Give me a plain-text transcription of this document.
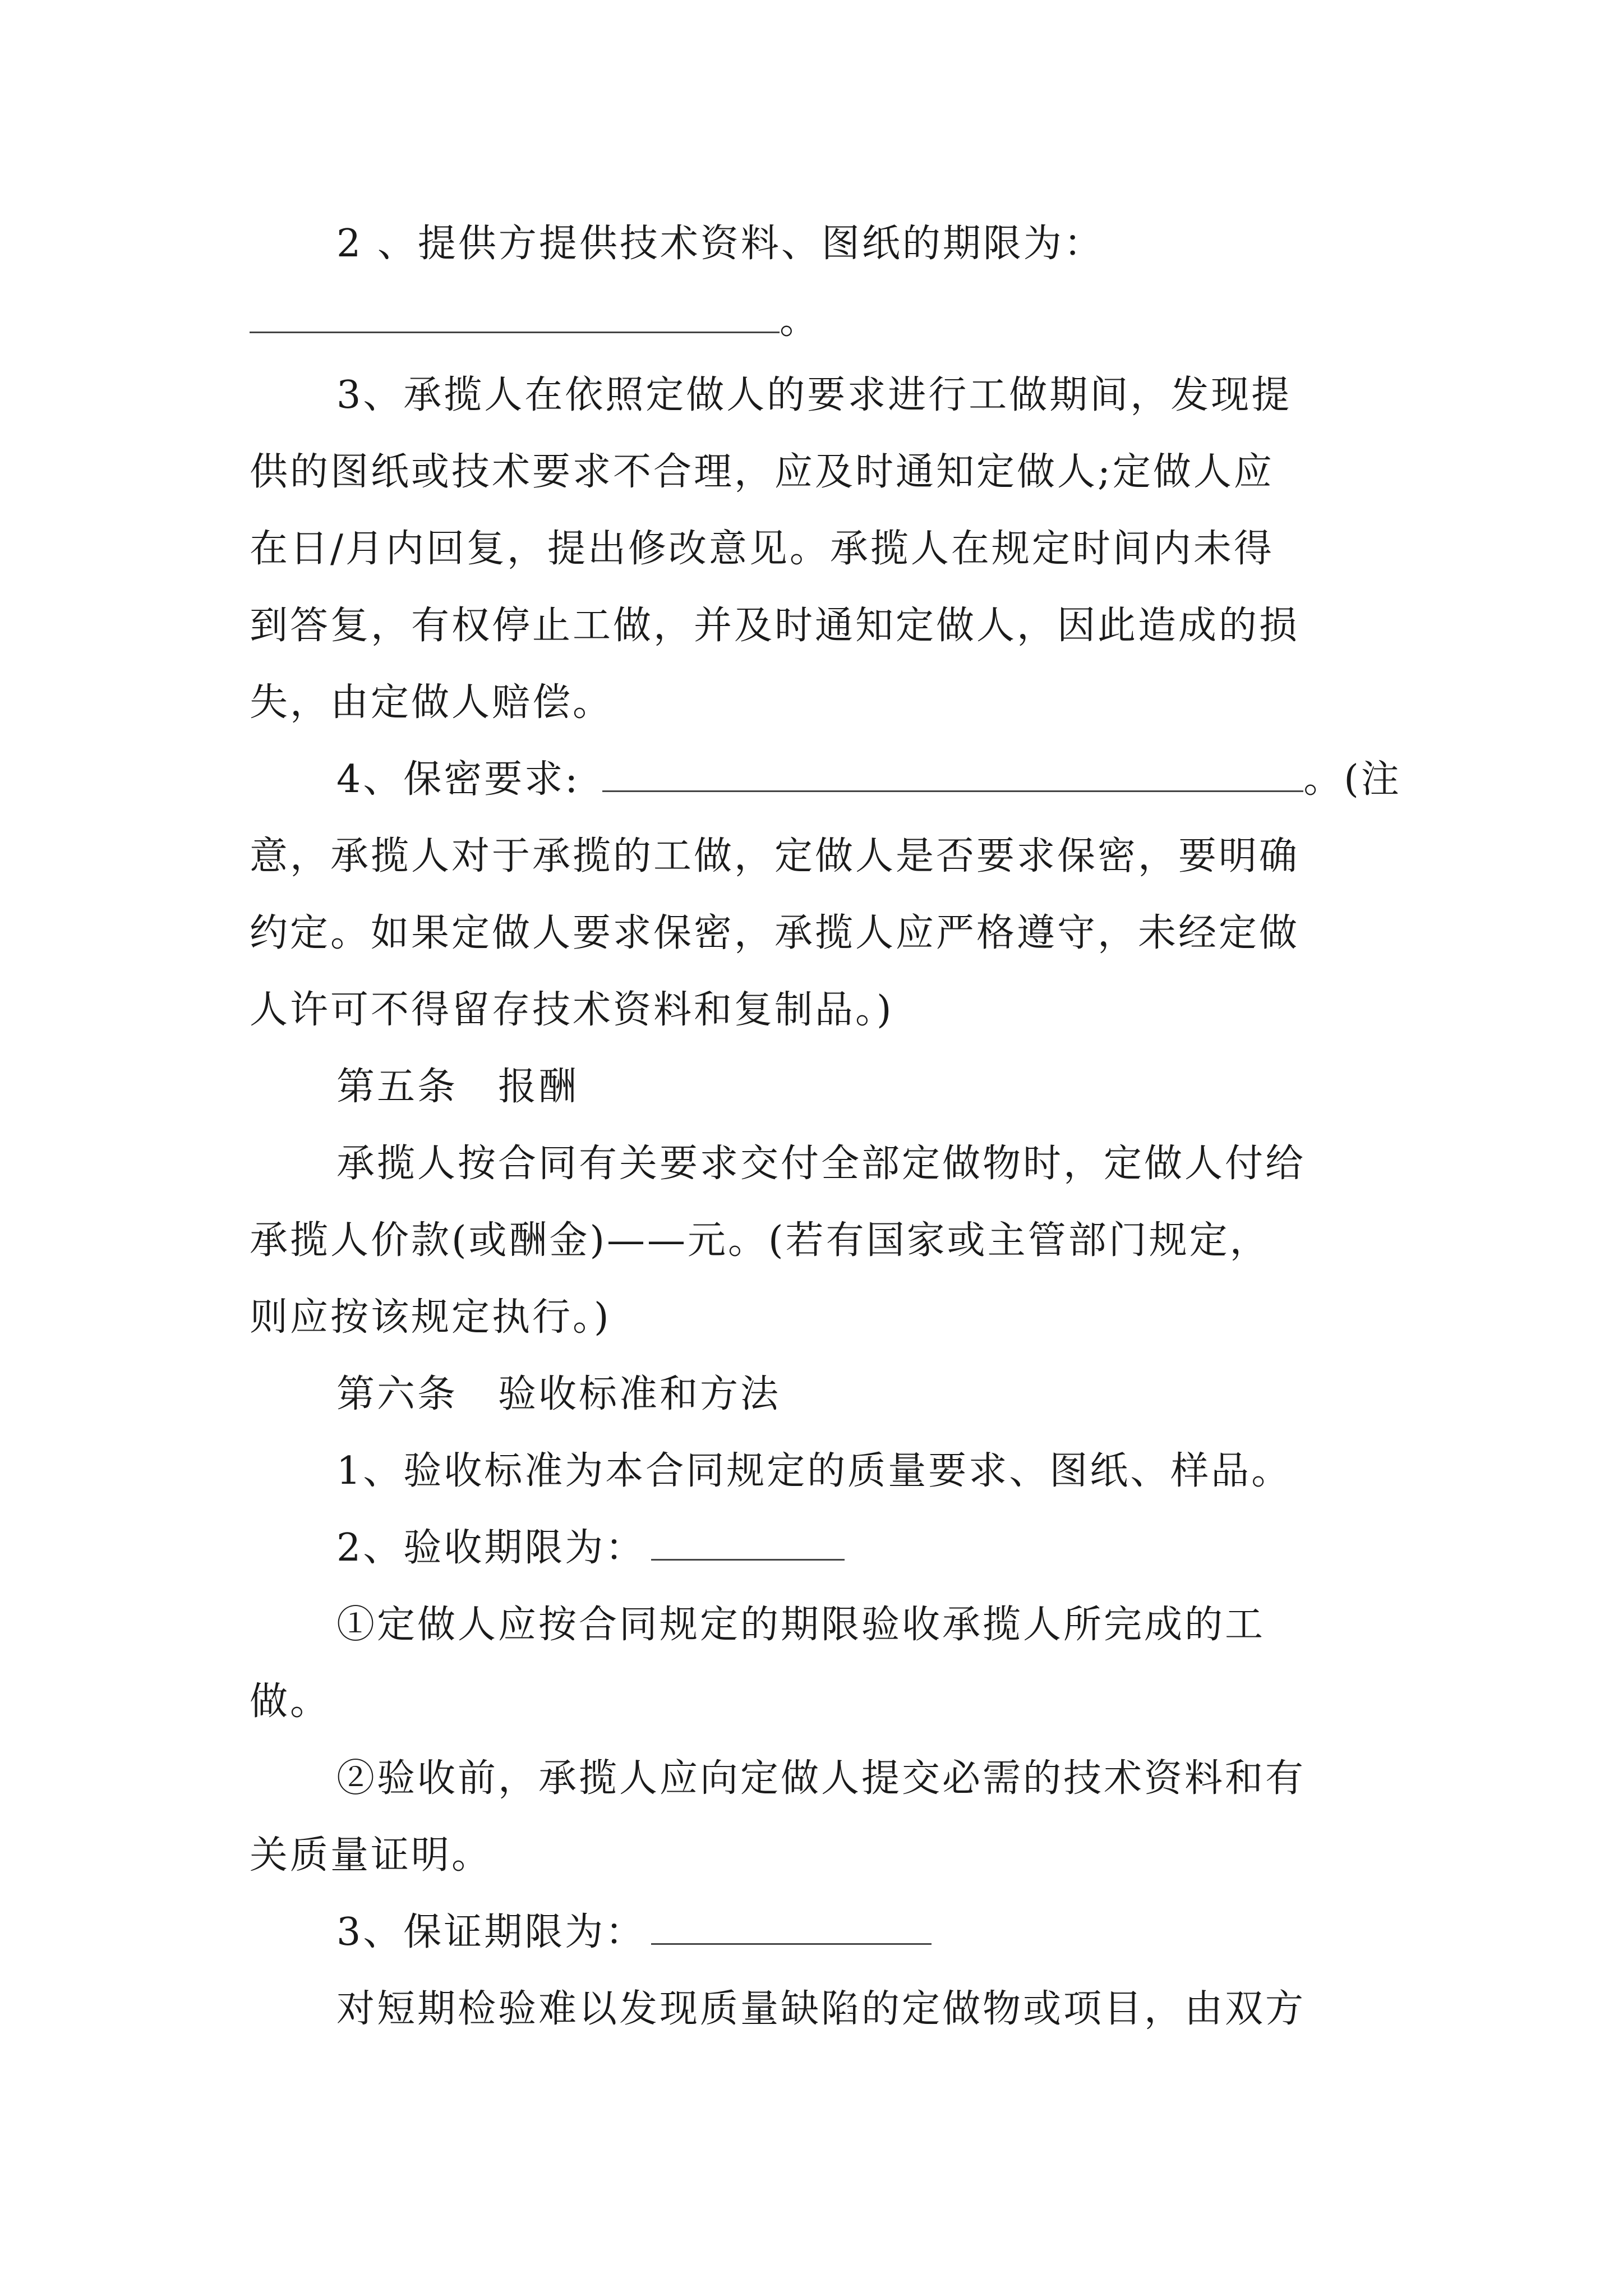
2 、提供方提供技术资料、图纸的期限为：
。
3、承揽人在依照定做人的要求进行工做期间，发现提
供的图纸或技术要求不合理，应及时通知定做人;定做人应
在日/月内回复，提出修改意见。承揽人在规定时间内未得
到答复，有权停止工做，并及时通知定做人，因此造成的损
失，由定做人赔偿。
4、保密要求:	。(注
意，承揽人对于承揽的工做，定做人是否要求保密，要明确
约定。如果定做人要求保密，承揽人应严格遵守，未经定做
人许可不得留存技术资料和复制品。)
第五条　报酬
承揽人按合同有关要求交付全部定做物时，定做人付给
承揽人价款(或酬金)——元。(若有国家或主管部门规定，
则应按该规定执行。)
第六条　验收标准和方法
1、验收标准为本合同规定的质量要求、图纸、样品。
2、验收期限为：
①定做人应按合同规定的期限验收承揽人所完成的工
做。
②验收前，承揽人应向定做人提交必需的技术资料和有
关质量证明。
3、保证期限为：
对短期检验难以发现质量缺陷的定做物或项目，由双方
